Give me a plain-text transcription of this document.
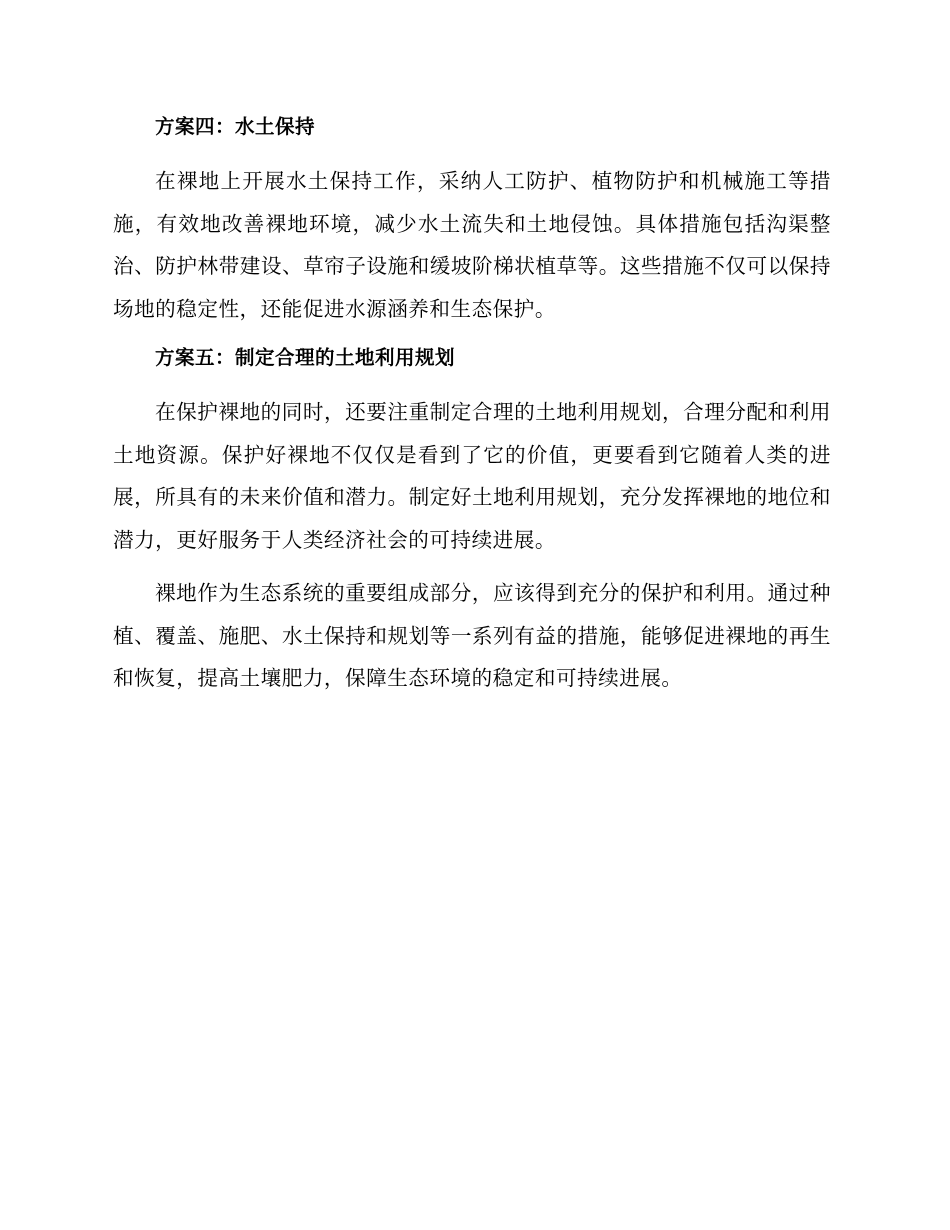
方案四：水土保持

在裸地上开展水土保持工作，采纳人工防护、植物防护和机械施工等措施，有效地改善裸地环境，减少水土流失和土地侵蚀。具体措施包括沟渠整治、防护林带建设、草帘子设施和缓坡阶梯状植草等。这些措施不仅可以保持场地的稳定性，还能促进水源涵养和生态保护。

方案五：制定合理的土地利用规划

在保护裸地的同时，还要注重制定合理的土地利用规划，合理分配和利用土地资源。保护好裸地不仅仅是看到了它的价值，更要看到它随着人类的进展，所具有的未来价值和潜力。制定好土地利用规划，充分发挥裸地的地位和潜力，更好服务于人类经济社会的可持续进展。

裸地作为生态系统的重要组成部分，应该得到充分的保护和利用。通过种植、覆盖、施肥、水土保持和规划等一系列有益的措施，能够促进裸地的再生和恢复，提高土壤肥力，保障生态环境的稳定和可持续进展。
